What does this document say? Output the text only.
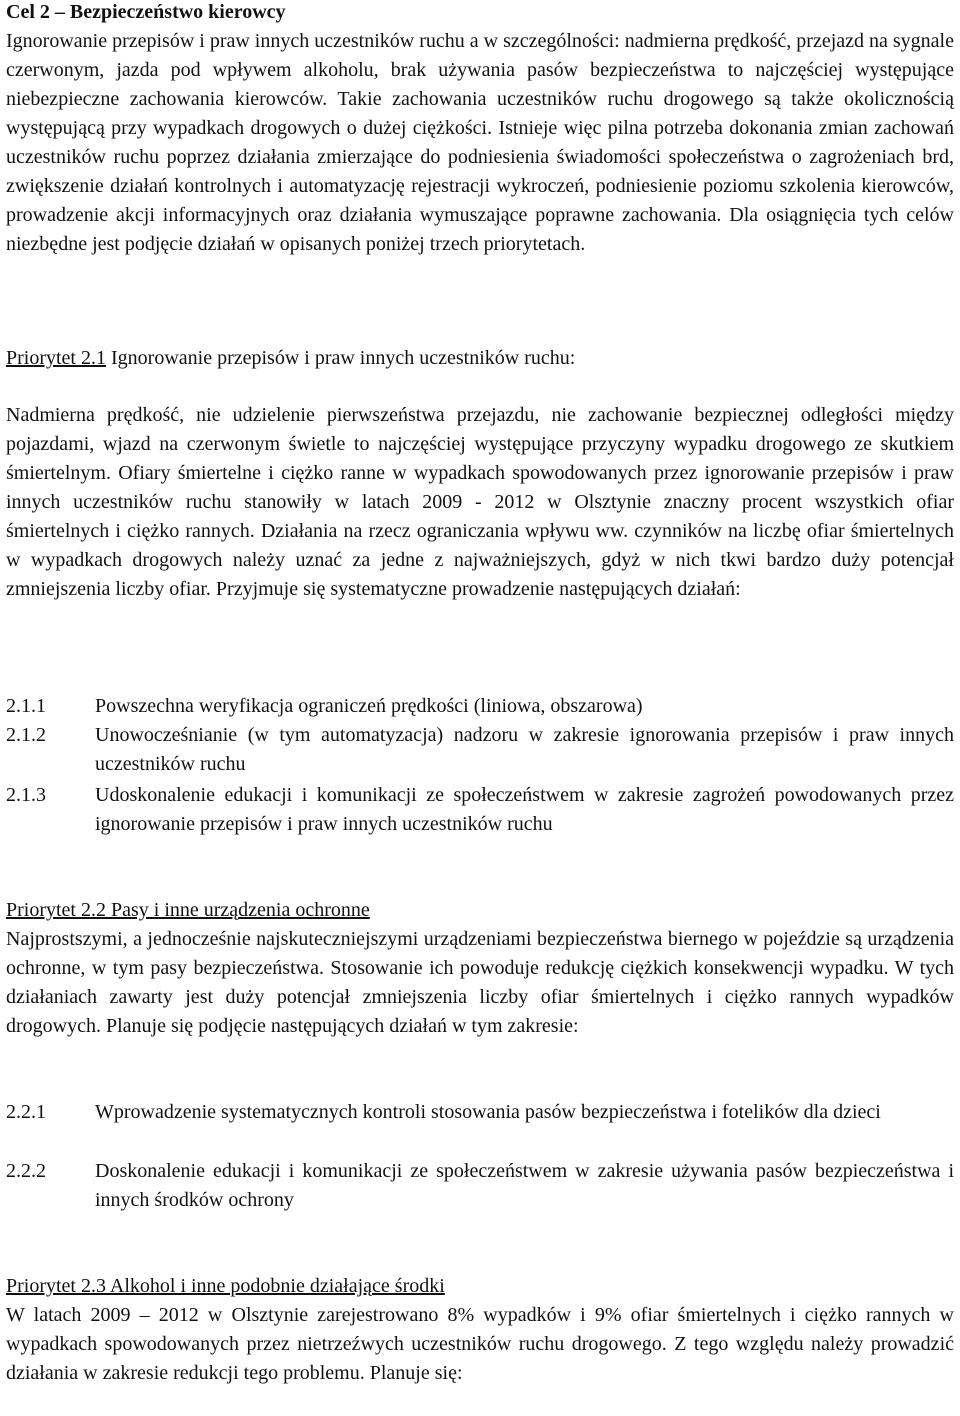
Cel 2 – Bezpieczeństwo kierowcy

Ignorowanie przepisów i praw innych uczestników ruchu a w szczególności: nadmierna prędkość, przejazd na sygnale czerwonym, jazda pod wpływem alkoholu, brak używania pasów bezpieczeństwa to najczęściej występujące niebezpieczne zachowania kierowców. Takie zachowania uczestników ruchu drogowego są także okolicznością występującą przy wypadkach drogowych o dużej ciężkości. Istnieje więc pilna potrzeba dokonania zmian zachowań uczestników ruchu poprzez działania zmierzające do podniesienia świadomości społeczeństwa o zagrożeniach brd, zwiększenie działań kontrolnych i automatyzację rejestracji wykroczeń, podniesienie poziomu szkolenia kierowców, prowadzenie akcji informacyjnych oraz działania wymuszające poprawne zachowania. Dla osiągnięcia tych celów niezbędne jest podjęcie działań w opisanych poniżej trzech priorytetach.

Priorytet 2.1 Ignorowanie przepisów i praw innych uczestników ruchu:

Nadmierna prędkość, nie udzielenie pierwszeństwa przejazdu, nie zachowanie bezpiecznej odległości między pojazdami, wjazd na czerwonym świetle to najczęściej występujące przyczyny wypadku drogowego ze skutkiem śmiertelnym. Ofiary śmiertelne i ciężko ranne w wypadkach spowodowanych przez ignorowanie przepisów i praw innych uczestników ruchu stanowiły w latach 2009 - 2012 w Olsztynie znaczny procent wszystkich ofiar śmiertelnych i ciężko rannych. Działania na rzecz ograniczania wpływu ww. czynników na liczbę ofiar śmiertelnych w wypadkach drogowych należy uznać za jedne z najważniejszych, gdyż w nich tkwi bardzo duży potencjał zmniejszenia liczby ofiar. Przyjmuje się systematyczne prowadzenie następujących działań:

2.1.1 Powszechna weryfikacja ograniczeń prędkości (liniowa, obszarowa)
2.1.2 Unowocześnianie (w tym automatyzacja) nadzoru w zakresie ignorowania przepisów i praw innych uczestników ruchu
2.1.3 Udoskonalenie edukacji i komunikacji ze społeczeństwem w zakresie zagrożeń powodowanych przez ignorowanie przepisów i praw innych uczestników ruchu
Priorytet 2.2 Pasy i inne urządzenia ochronne

Najprostszymi, a jednocześnie najskuteczniejszymi urządzeniami bezpieczeństwa biernego w pojeździe są urządzenia ochronne, w tym pasy bezpieczeństwa. Stosowanie ich powoduje redukcję ciężkich konsekwencji wypadku. W tych działaniach zawarty jest duży potencjał zmniejszenia liczby ofiar śmiertelnych i ciężko rannych wypadków drogowych. Planuje się podjęcie następujących działań w tym zakresie:

2.2.1 Wprowadzenie systematycznych kontroli stosowania pasów bezpieczeństwa i fotelików dla dzieci
2.2.2 Doskonalenie edukacji i komunikacji ze społeczeństwem w zakresie używania pasów bezpieczeństwa i innych środków ochrony
Priorytet 2.3 Alkohol i inne podobnie działające środki

W latach 2009 – 2012 w Olsztynie zarejestrowano 8% wypadków i 9% ofiar śmiertelnych i ciężko rannych w wypadkach spowodowanych przez nietrzeźwych uczestników ruchu drogowego. Z tego względu należy prowadzić działania w zakresie redukcji tego problemu. Planuje się:
